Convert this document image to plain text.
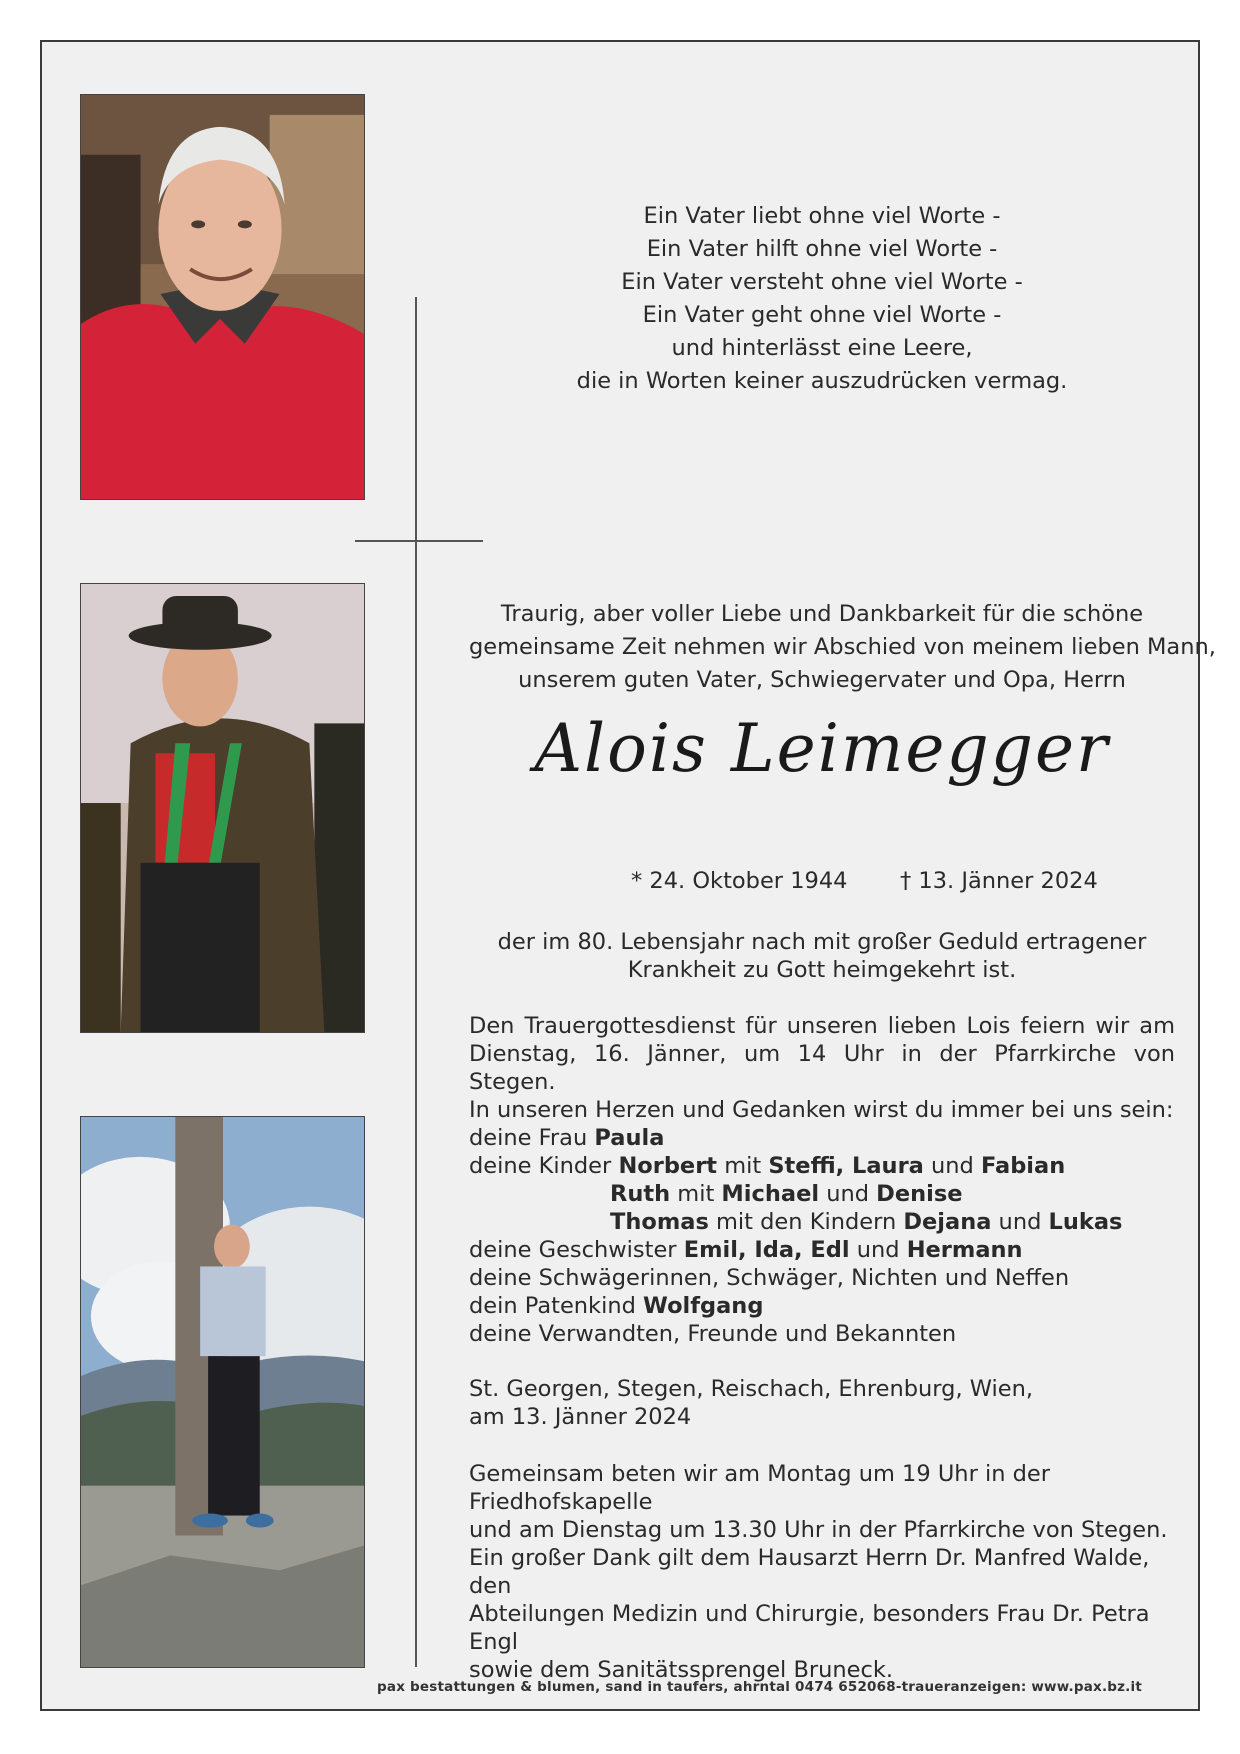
Ein Vater liebt ohne viel Worte -
Ein Vater hilft ohne viel Worte -
Ein Vater versteht ohne viel Worte -
Ein Vater geht ohne viel Worte -
und hinterlässt eine Leere,
die in Worten keiner auszudrücken vermag.
Traurig, aber voller Liebe und Dankbarkeit für die schöne
gemeinsame Zeit nehmen wir Abschied von meinem lieben Mann,
unserem guten Vater, Schwiegervater und Opa, Herrn
Alois Leimegger
* 24. Oktober 1944 † 13. Jänner 2024
der im 80. Lebensjahr nach mit großer Geduld ertragener
Krankheit zu Gott heimgekehrt ist.
Den Trauergottesdienst für unseren lieben Lois feiern wir am Dienstag, 16. Jänner, um 14 Uhr in der Pfarrkirche von Stegen.
In unseren Herzen und Gedanken wirst du immer bei uns sein:
deine Frau Paula
deine Kinder Norbert mit Steffi, Laura und Fabian
Ruth mit Michael und Denise
Thomas mit den Kindern Dejana und Lukas
deine Geschwister Emil, Ida, Edl und Hermann
deine Schwägerinnen, Schwäger, Nichten und Neffen
dein Patenkind Wolfgang
deine Verwandten, Freunde und Bekannten
St. Georgen, Stegen, Reischach, Ehrenburg, Wien,
am 13. Jänner 2024
Gemeinsam beten wir am Montag um 19 Uhr in der Friedhofskapelle
und am Dienstag um 13.30 Uhr in der Pfarrkirche von Stegen.
Ein großer Dank gilt dem Hausarzt Herrn Dr. Manfred Walde, den
Abteilungen Medizin und Chirurgie, besonders Frau Dr. Petra Engl
sowie dem Sanitätssprengel Bruneck.
pax bestattungen & blumen, sand in taufers, ahrntal 0474 652068-traueranzeigen: www.pax.bz.it
